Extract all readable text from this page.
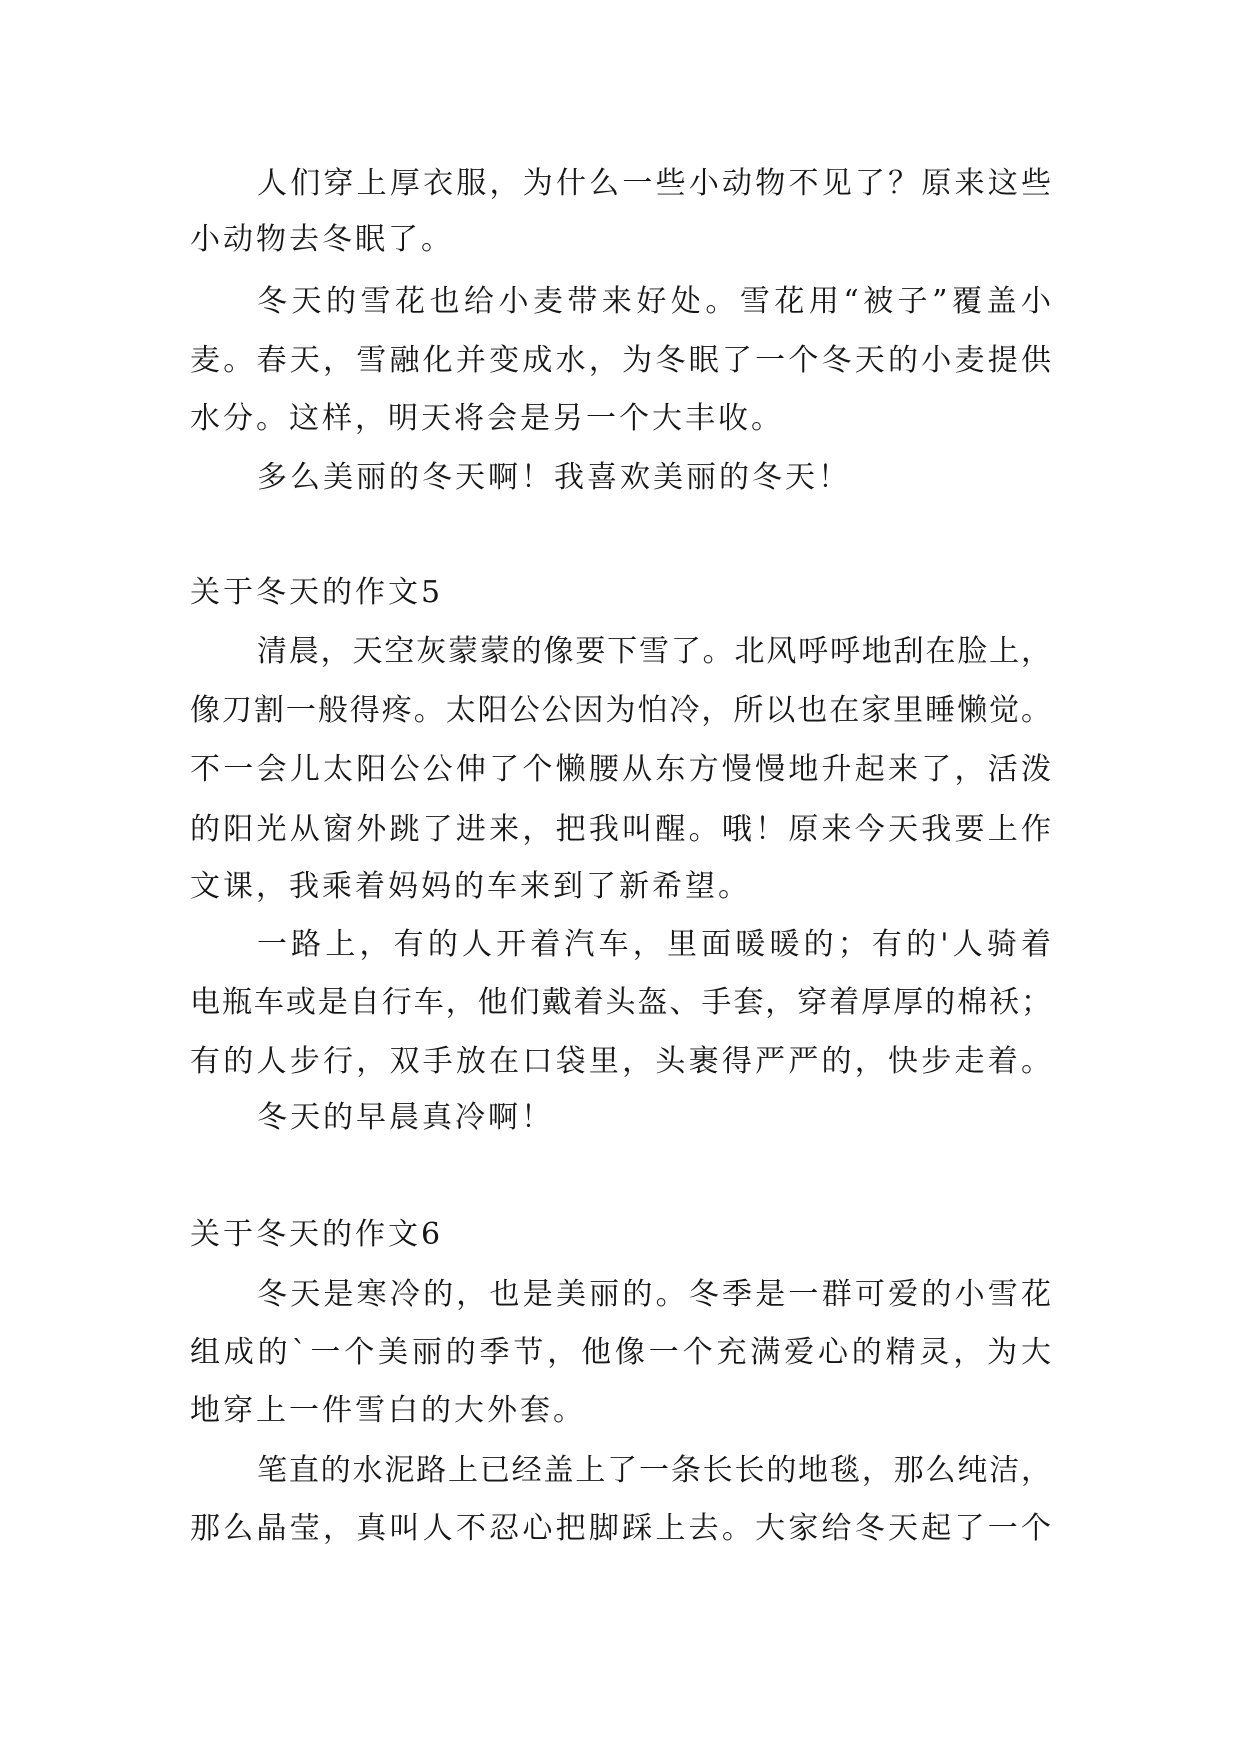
人们穿上厚衣服，为什么一些小动物不见了？原来这些
小动物去冬眠了。
冬天的雪花也给小麦带来好处。雪花用“被子”覆盖小
麦。春天，雪融化并变成水，为冬眠了一个冬天的小麦提供
水分。这样，明天将会是另一个大丰收。
多么美丽的冬天啊！我喜欢美丽的冬天！
关于冬天的作文5
清晨，天空灰蒙蒙的像要下雪了。北风呼呼地刮在脸上，
像刀割一般得疼。太阳公公因为怕冷，所以也在家里睡懒觉。
不一会儿太阳公公伸了个懒腰从东方慢慢地升起来了，活泼
的阳光从窗外跳了进来，把我叫醒。哦！原来今天我要上作
文课，我乘着妈妈的车来到了新希望。
一路上，有的人开着汽车，里面暖暖的；有的'人骑着
电瓶车或是自行车，他们戴着头盔、手套，穿着厚厚的棉袄；
有的人步行，双手放在口袋里，头裹得严严的，快步走着。
冬天的早晨真冷啊！
关于冬天的作文6
冬天是寒冷的，也是美丽的。冬季是一群可爱的小雪花
组成的`一个美丽的季节，他像一个充满爱心的精灵，为大
地穿上一件雪白的大外套。
笔直的水泥路上已经盖上了一条长长的地毯，那么纯洁，
那么晶莹，真叫人不忍心把脚踩上去。大家给冬天起了一个
